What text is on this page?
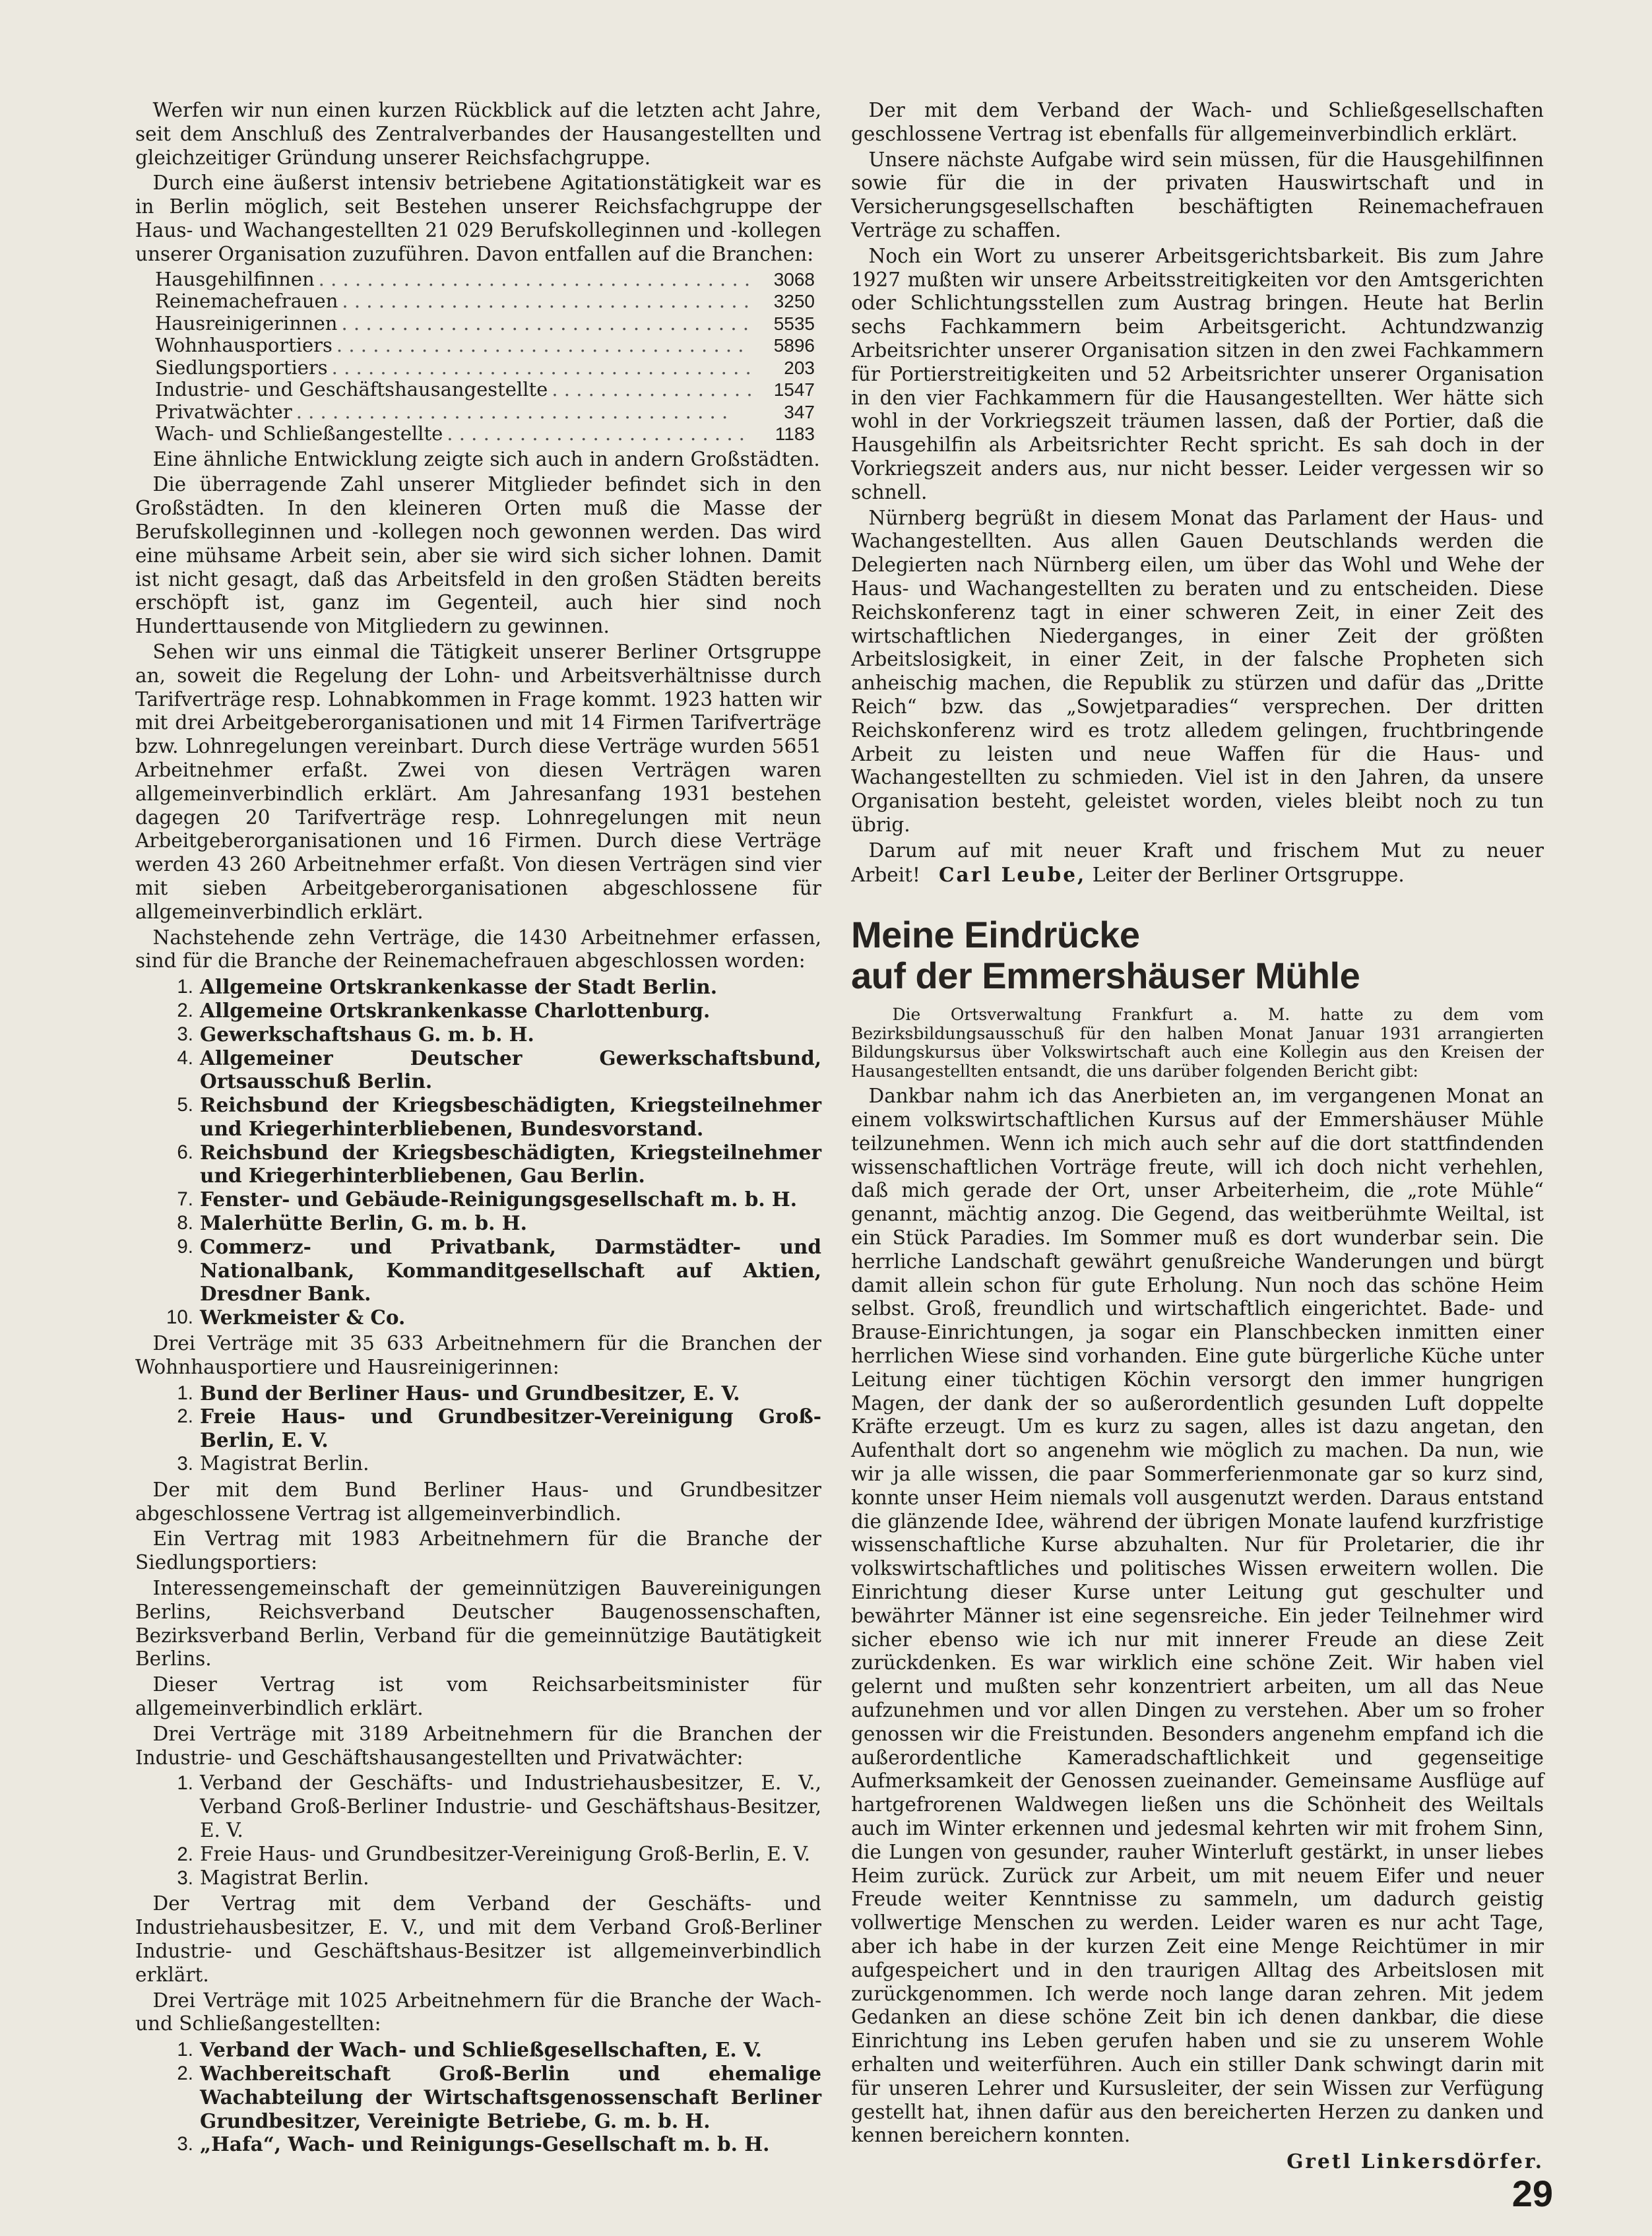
Werfen wir nun einen kurzen Rückblick auf die letzten acht Jahre, seit dem Anschluß des Zentralverbandes der Hausangestellten und gleichzeitiger Gründung unserer Reichsfachgruppe.

Durch eine äußerst intensiv betriebene Agitationstätigkeit war es in Berlin möglich, seit Bestehen unserer Reichsfachgruppe der Haus- und Wachangestellten 21 029 Berufskolleginnen und -kollegen unserer Organisation zuzuführen. Davon entfallen auf die Branchen:

Hausgehilfinnen . .	3068
Reinemachefrauen . .	3250
Hausreinigerinnen . .	5535
Wohnhausportiers . .	5896
Siedlungsportiers . .	203
Industrie- und Geschäftshausangestellte . .	1547
Privatwächter . .	347
Wach- und Schließangestellte . .	1183

Eine ähnliche Entwicklung zeigte sich auch in andern Großstädten.

Die überragende Zahl unserer Mitglieder befindet sich in den Großstädten. In den kleineren Orten muß die Masse der Berufskolleginnen und -kollegen noch gewonnen werden. Das wird eine mühsame Arbeit sein, aber sie wird sich sicher lohnen. Damit ist nicht gesagt, daß das Arbeitsfeld in den großen Städten bereits erschöpft ist, ganz im Gegenteil, auch hier sind noch Hunderttausende von Mitgliedern zu gewinnen.

Sehen wir uns einmal die Tätigkeit unserer Berliner Ortsgruppe an, soweit die Regelung der Lohn- und Arbeitsverhältnisse durch Tarifverträge resp. Lohnabkommen in Frage kommt. 1923 hatten wir mit drei Arbeitgeberorganisationen und mit 14 Firmen Tarifverträge bzw. Lohnregelungen vereinbart. Durch diese Verträge wurden 5651 Arbeitnehmer erfaßt. Zwei von diesen Verträgen waren allgemeinverbindlich erklärt. Am Jahresanfang 1931 bestehen dagegen 20 Tarifverträge resp. Lohnregelungen mit neun Arbeitgeberorganisationen und 16 Firmen. Durch diese Verträge werden 43 260 Arbeitnehmer erfaßt. Von diesen Verträgen sind vier mit sieben Arbeitgeberorganisationen abgeschlossene für allgemeinverbindlich erklärt.

Nachstehende zehn Verträge, die 1430 Arbeitnehmer erfassen, sind für die Branche der Reinemachefrauen abgeschlossen worden:

1. Allgemeine Ortskrankenkasse der Stadt Berlin.
2. Allgemeine Ortskrankenkasse Charlottenburg.
3. Gewerkschaftshaus G. m. b. H.
4. Allgemeiner Deutscher Gewerkschaftsbund, Ortsausschuß Berlin.
5. Reichsbund der Kriegsbeschädigten, Kriegsteilnehmer und Kriegerhinterbliebenen, Bundesvorstand.
6. Reichsbund der Kriegsbeschädigten, Kriegsteilnehmer und Kriegerhinterbliebenen, Gau Berlin.
7. Fenster- und Gebäude-Reinigungsgesellschaft m. b. H.
8. Malerhütte Berlin, G. m. b. H.
9. Commerz- und Privatbank, Darmstädter- und Nationalbank, Kommanditgesellschaft auf Aktien, Dresdner Bank.
10. Werkmeister & Co.

Drei Verträge mit 35 633 Arbeitnehmern für die Branchen der Wohnhausportiere und Hausreinigerinnen:

1. Bund der Berliner Haus- und Grundbesitzer, E. V.
2. Freie Haus- und Grundbesitzer-Vereinigung Groß-Berlin, E. V.
3. Magistrat Berlin.

Der mit dem Bund Berliner Haus- und Grundbesitzer abgeschlossene Vertrag ist allgemeinverbindlich.

Ein Vertrag mit 1983 Arbeitnehmern für die Branche der Siedlungsportiers:

Interessengemeinschaft der gemeinnützigen Bauvereinigungen Berlins, Reichsverband Deutscher Baugenossenschaften, Bezirksverband Berlin, Verband für die gemeinnützige Bautätigkeit Berlins.

Dieser Vertrag ist vom Reichsarbeitsminister für allgemeinverbindlich erklärt.

Drei Verträge mit 3189 Arbeitnehmern für die Branchen der Industrie- und Geschäftshausangestellten und Privatwächter:

1. Verband der Geschäfts- und Industriehausbesitzer, E. V., Verband Groß-Berliner Industrie- und Geschäftshaus-Besitzer, E. V.
2. Freie Haus- und Grundbesitzer-Vereinigung Groß-Berlin, E. V.
3. Magistrat Berlin.

Der Vertrag mit dem Verband der Geschäfts- und Industriehausbesitzer, E. V., und mit dem Verband Groß-Berliner Industrie- und Geschäftshaus-Besitzer ist allgemeinverbindlich erklärt.

Drei Verträge mit 1025 Arbeitnehmern für die Branche der Wach- und Schließangestellten:

1. Verband der Wach- und Schließgesellschaften, E. V.
2. Wachbereitschaft Groß-Berlin und ehemalige Wachabteilung der Wirtschaftsgenossenschaft Berliner Grundbesitzer, Vereinigte Betriebe, G. m. b. H.
3. „Hafa“, Wach- und Reinigungs-Gesellschaft m. b. H.

Der mit dem Verband der Wach- und Schließgesellschaften geschlossene Vertrag ist ebenfalls für allgemeinverbindlich erklärt.

Unsere nächste Aufgabe wird sein müssen, für die Hausgehilfinnen sowie für die in der privaten Hauswirtschaft und in Versicherungsgesellschaften beschäftigten Reinemachefrauen Verträge zu schaffen.

Noch ein Wort zu unserer Arbeitsgerichtsbarkeit. Bis zum Jahre 1927 mußten wir unsere Arbeitsstreitigkeiten vor den Amtsgerichten oder Schlichtungsstellen zum Austrag bringen. Heute hat Berlin sechs Fachkammern beim Arbeitsgericht. Achtundzwanzig Arbeitsrichter unserer Organisation sitzen in den zwei Fachkammern für Portierstreitigkeiten und 52 Arbeitsrichter unserer Organisation in den vier Fachkammern für die Hausangestellten. Wer hätte sich wohl in der Vorkriegszeit träumen lassen, daß der Portier, daß die Hausgehilfin als Arbeitsrichter Recht spricht. Es sah doch in der Vorkriegszeit anders aus, nur nicht besser. Leider vergessen wir so schnell.

Nürnberg begrüßt in diesem Monat das Parlament der Haus- und Wachangestellten. Aus allen Gauen Deutschlands werden die Delegierten nach Nürnberg eilen, um über das Wohl und Wehe der Haus- und Wachangestellten zu beraten und zu entscheiden. Diese Reichskonferenz tagt in einer schweren Zeit, in einer Zeit des wirtschaftlichen Niederganges, in einer Zeit der größten Arbeitslosigkeit, in einer Zeit, in der falsche Propheten sich anheischig machen, die Republik zu stürzen und dafür das „Dritte Reich“ bzw. das „Sowjetparadies“ versprechen. Der dritten Reichskonferenz wird es trotz alledem gelingen, fruchtbringende Arbeit zu leisten und neue Waffen für die Haus- und Wachangestellten zu schmieden. Viel ist in den Jahren, da unsere Organisation besteht, geleistet worden, vieles bleibt noch zu tun übrig.

Darum auf mit neuer Kraft und frischem Mut zu neuer Arbeit! Carl Leube, Leiter der Berliner Ortsgruppe.

Meine Eindrücke
auf der Emmershäuser Mühle

Die Ortsverwaltung Frankfurt a. M. hatte zu dem vom Bezirksbildungsausschuß für den halben Monat Januar 1931 arrangierten Bildungskursus über Volkswirtschaft auch eine Kollegin aus den Kreisen der Hausangestellten entsandt, die uns darüber folgenden Bericht gibt:

Dankbar nahm ich das Anerbieten an, im vergangenen Monat an einem volkswirtschaftlichen Kursus auf der Emmershäuser Mühle teilzunehmen. Wenn ich mich auch sehr auf die dort stattfindenden wissenschaftlichen Vorträge freute, will ich doch nicht verhehlen, daß mich gerade der Ort, unser Arbeiterheim, die „rote Mühle“ genannt, mächtig anzog. Die Gegend, das weitberühmte Weiltal, ist ein Stück Paradies. Im Sommer muß es dort wunderbar sein. Die herrliche Landschaft gewährt genußreiche Wanderungen und bürgt damit allein schon für gute Erholung. Nun noch das schöne Heim selbst. Groß, freundlich und wirtschaftlich eingerichtet. Bade- und Brause-Einrichtungen, ja sogar ein Planschbecken inmitten einer herrlichen Wiese sind vorhanden. Eine gute bürgerliche Küche unter Leitung einer tüchtigen Köchin versorgt den immer hungrigen Magen, der dank der so außerordentlich gesunden Luft doppelte Kräfte erzeugt. Um es kurz zu sagen, alles ist dazu angetan, den Aufenthalt dort so angenehm wie möglich zu machen. Da nun, wie wir ja alle wissen, die paar Sommerferienmonate gar so kurz sind, konnte unser Heim niemals voll ausgenutzt werden. Daraus entstand die glänzende Idee, während der übrigen Monate laufend kurzfristige wissenschaftliche Kurse abzuhalten. Nur für Proletarier, die ihr volkswirtschaftliches und politisches Wissen erweitern wollen. Die Einrichtung dieser Kurse unter Leitung gut geschulter und bewährter Männer ist eine segensreiche. Ein jeder Teilnehmer wird sicher ebenso wie ich nur mit innerer Freude an diese Zeit zurückdenken. Es war wirklich eine schöne Zeit. Wir haben viel gelernt und mußten sehr konzentriert arbeiten, um all das Neue aufzunehmen und vor allen Dingen zu verstehen. Aber um so froher genossen wir die Freistunden. Besonders angenehm empfand ich die außerordentliche Kameradschaftlichkeit und gegenseitige Aufmerksamkeit der Genossen zueinander. Gemeinsame Ausflüge auf hartgefrorenen Waldwegen ließen uns die Schönheit des Weiltals auch im Winter erkennen und jedesmal kehrten wir mit frohem Sinn, die Lungen von gesunder, rauher Winterluft gestärkt, in unser liebes Heim zurück. Zurück zur Arbeit, um mit neuem Eifer und neuer Freude weiter Kenntnisse zu sammeln, um dadurch geistig vollwertige Menschen zu werden. Leider waren es nur acht Tage, aber ich habe in der kurzen Zeit eine Menge Reichtümer in mir aufgespeichert und in den traurigen Alltag des Arbeitslosen mit zurückgenommen. Ich werde noch lange daran zehren. Mit jedem Gedanken an diese schöne Zeit bin ich denen dankbar, die diese Einrichtung ins Leben gerufen haben und sie zu unserem Wohle erhalten und weiterführen. Auch ein stiller Dank schwingt darin mit für unseren Lehrer und Kursusleiter, der sein Wissen zur Verfügung gestellt hat, ihnen dafür aus den bereicherten Herzen zu danken und kennen bereichern konnten.

Gretl Linkersdörfer.

29
